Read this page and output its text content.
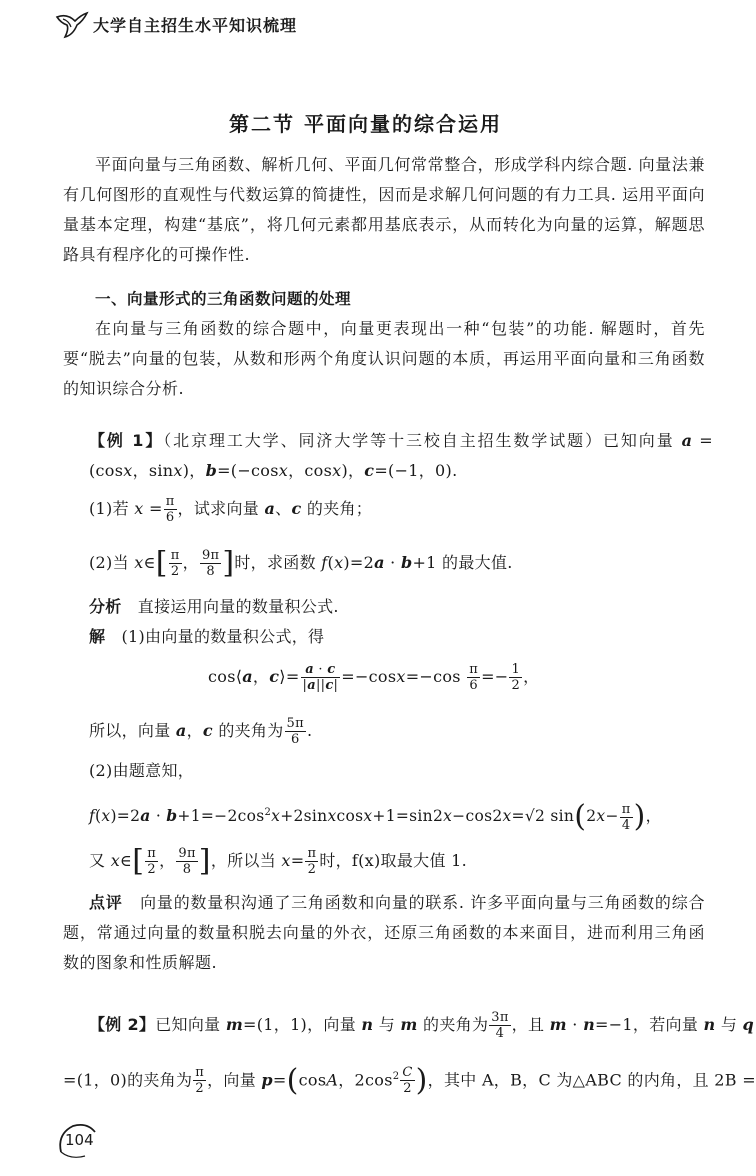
大学自主招生水平知识梳理
第二节 平面向量的综合运用
平面向量与三角函数、解析几何、平面几何常常整合，形成学科内综合题. 向量法兼有几何图形的直观性与代数运算的简捷性，因而是求解几何问题的有力工具. 运用平面向量基本定理，构建“基底”，将几何元素都用基底表示，从而转化为向量的运算，解题思路具有程序化的可操作性.
一、向量形式的三角函数问题的处理
在向量与三角函数的综合题中，向量更表现出一种“包装”的功能. 解题时，首先要“脱去”向量的包装，从数和形两个角度认识问题的本质，再运用平面向量和三角函数的知识综合分析.
【例 1】（北京理工大学、同济大学等十三校自主招生数学试题）已知向量 a =(cosx，sinx)，b=(−cosx，cosx)，c=(−1，0).
(1)若 $x = \frac{\pi}{6}$ ，试求向量 a、c 的夹角；
(2)当 x∈[ $\frac{\pi}{2}$ ， $\frac{9\pi}{8}$ ]时，求函数 f(x)=2a · b+1 的最大值.
分析 直接运用向量的数量积公式.
解 (1)由向量的数量积公式，得
cos⟨a，c⟩= $\frac{a \cdot c}{|a||c|} =-\cos x=-\cos \frac{\pi}{6} =- \frac{1}{2}$ ，
所以，向量 a，c 的夹角为 $\frac{5\pi}{6}$ .
(2)由题意知，
$f(x)=2a \cdot b+1=-2\cos^2x+2sinxcosx+1=\sin 2x-\cos 2x=√2$ $\sin(2x- \frac{\pi}{4}$ )，
又 x∈[ $\frac{\pi}{2}$ ， $\frac{9\pi}{8}$ ]，所以当 $x= \frac{\pi}{2}$ 时，f(x)取最大值 1.
点评 向量的数量积沟通了三角函数和向量的联系. 许多平面向量与三角函数的综合题，常通过向量的数量积脱去向量的外衣，还原三角函数的本来面目，进而利用三角函数的图象和性质解题.
【例 2】已知向量 m=(1，1)，向量 n 与 m 的夹角为 $\frac{3\pi}{4}$ ，且 m · n=−1，若向量 n 与 q
=(1，0)的夹角为 $\frac{\pi}{2}$ ，向量 p=(cosA，$2\cos^2 \frac{C}{2}$ )，其中 A，B，C 为△ABC 的内角，且 2B =
104
